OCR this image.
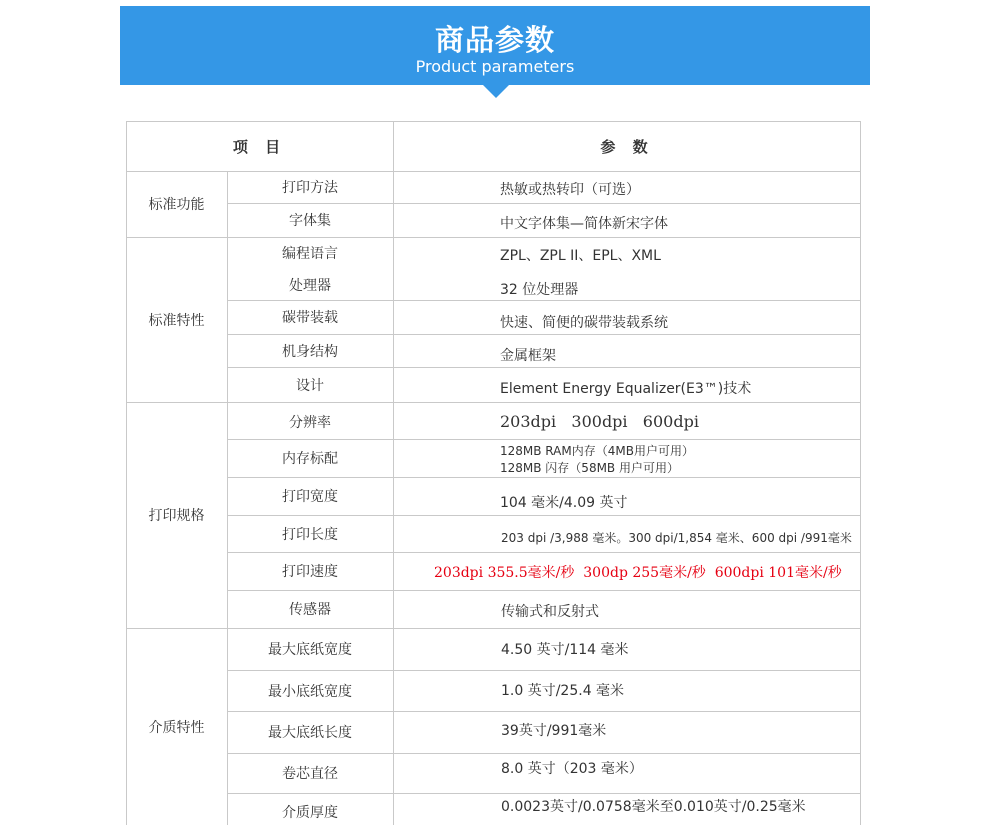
商品参数
Product parameters
项 目	参 数
标准功能
标准特性
打印规格
介质特性
打印方法
字体集
编程语言
处理器
碳带装载
机身结构
设计
分辨率
内存标配
打印宽度
打印长度
打印速度
传感器
最大底纸宽度
最小底纸宽度
最大底纸长度
卷芯直径
介质厚度
热敏或热转印（可选）
中文字体集—简体新宋字体
ZPL、ZPL II、EPL、XML
32 位处理器
快速、简便的碳带装载系统
金属框架
Element Energy Equalizer(E3™)技术
203dpi   300dpi   600dpi
128MB RAM内存（4MB用户可用）
128MB 闪存（58MB 用户可用）
104 毫米/4.09 英寸
203 dpi /3,988 毫米。300 dpi/1,854 毫米、600 dpi /991毫米
203dpi 355.5毫米/秒  300dp 255毫米/秒  600dpi 101毫米/秒
传输式和反射式
4.50 英寸/114 毫米
1.0 英寸/25.4 毫米
39英寸/991毫米
8.0 英寸（203 毫米）
0.0023英寸/0.0758毫米至0.010英寸/0.25毫米
